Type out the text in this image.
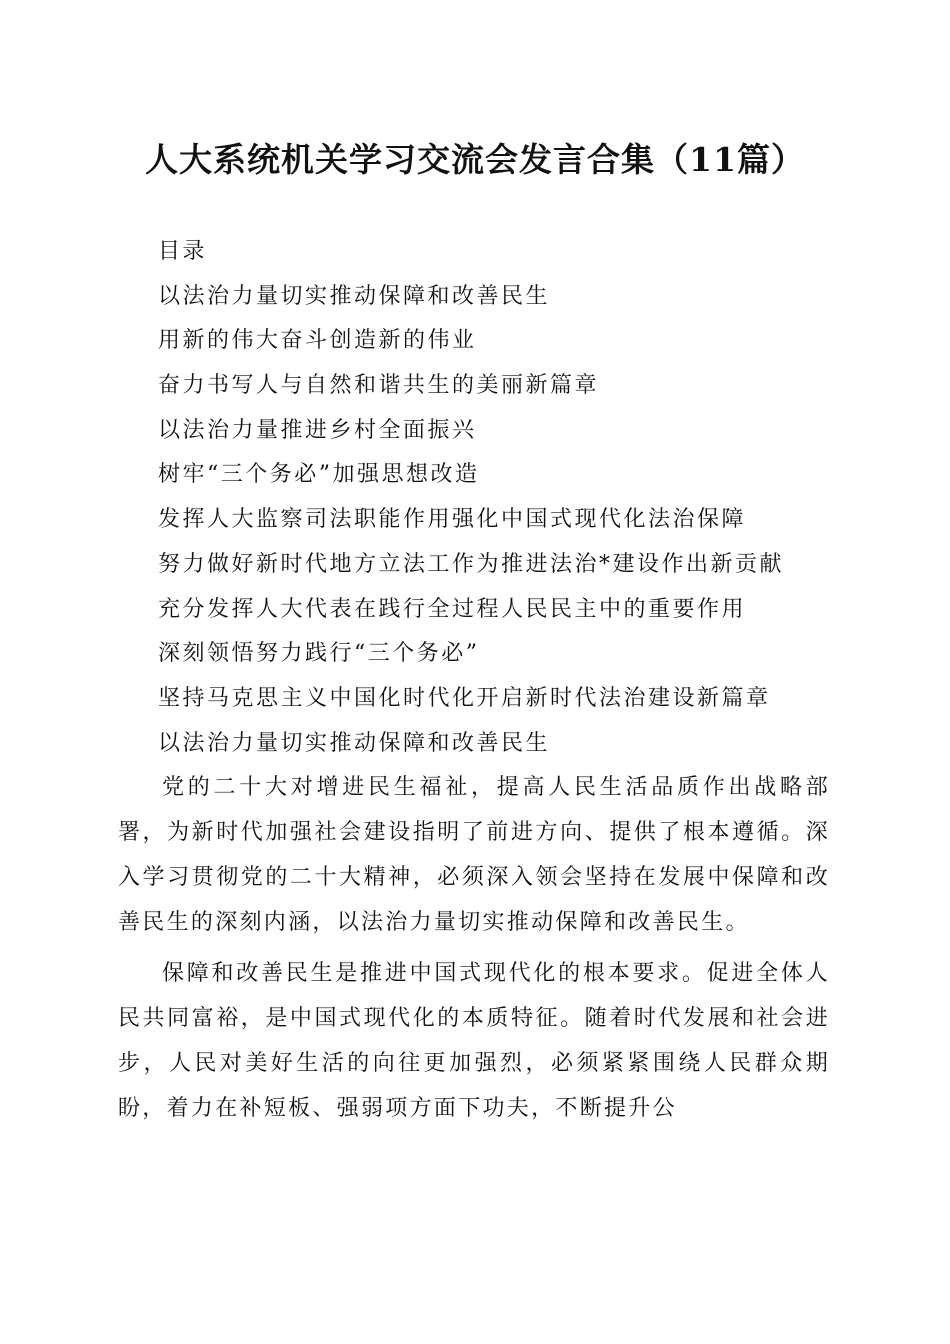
人大系统机关学习交流会发言合集（11篇）
目录
以法治力量切实推动保障和改善民生
用新的伟大奋斗创造新的伟业
奋力书写人与自然和谐共生的美丽新篇章
以法治力量推进乡村全面振兴
树牢“三个务必”加强思想改造
发挥人大监察司法职能作用强化中国式现代化法治保障
努力做好新时代地方立法工作为推进法治*建设作出新贡献
充分发挥人大代表在践行全过程人民民主中的重要作用
深刻领悟努力践行“三个务必”
坚持马克思主义中国化时代化开启新时代法治建设新篇章
以法治力量切实推动保障和改善民生

党的二十大对增进民生福祉，提高人民生活品质作出战略部署，为新时代加强社会建设指明了前进方向、提供了根本遵循。深入学习贯彻党的二十大精神，必须深入领会坚持在发展中保障和改善民生的深刻内涵，以法治力量切实推动保障和改善民生。

保障和改善民生是推进中国式现代化的根本要求。促进全体人民共同富裕，是中国式现代化的本质特征。随着时代发展和社会进步，人民对美好生活的向往更加强烈，必须紧紧围绕人民群众期盼，着力在补短板、强弱项方面下功夫，不断提升公
